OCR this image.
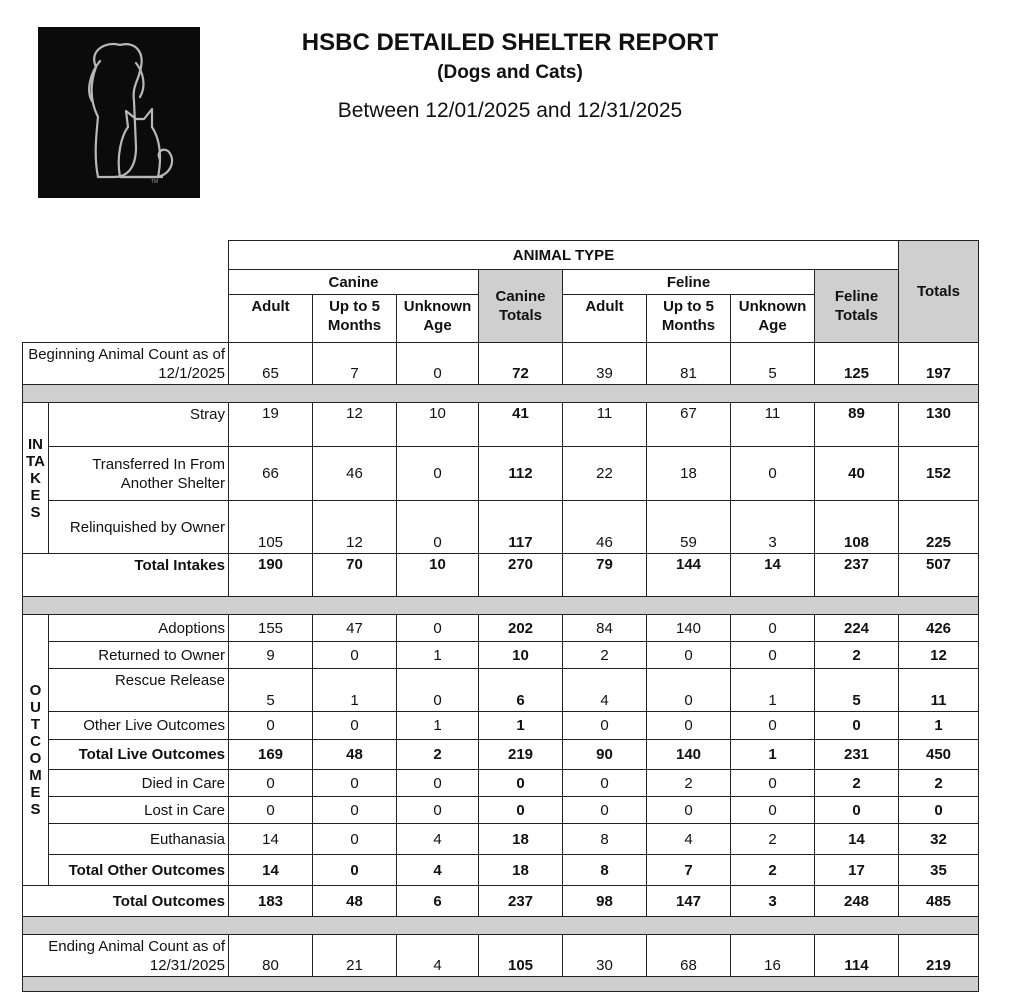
TM
HSBC DETAILED SHELTER REPORT
(Dogs and Cats)
Between 12/01/2025 and 12/31/2025
		ANIMAL TYPE								Totals
		Canine			Canine Totals	Feline			Feline Totals	
		Adult	Up to 5 Months	Unknown Age		Adult	Up to 5 Months	Unknown Age		
Beginning Animal Count as of 12/1/2025		65	7	0	72	39	81	5	125	197

INTAKES	Stray	19	12	10	41	11	67	11	89	130
	Transferred In From Another Shelter	66	46	0	112	22	18	0	40	152
	Relinquished by Owner	105	12	0	117	46	59	3	108	225
Total Intakes		190	70	10	270	79	144	14	237	507

OUTCOMES	Adoptions	155	47	0	202	84	140	0	224	426
	Returned to Owner	9	0	1	10	2	0	0	2	12
	Rescue Release	5	1	0	6	4	0	1	5	11
	Other Live Outcomes	0	0	1	1	0	0	0	0	1
	Total Live Outcomes	169	48	2	219	90	140	1	231	450
	Died in Care	0	0	0	0	0	2	0	2	2
	Lost in Care	0	0	0	0	0	0	0	0	0
	Euthanasia	14	0	4	18	8	4	2	14	32
	Total Other Outcomes	14	0	4	18	8	7	2	17	35
Total Outcomes		183	48	6	237	98	147	3	248	485

Ending Animal Count as of 12/31/2025		80	21	4	105	30	68	16	114	219
